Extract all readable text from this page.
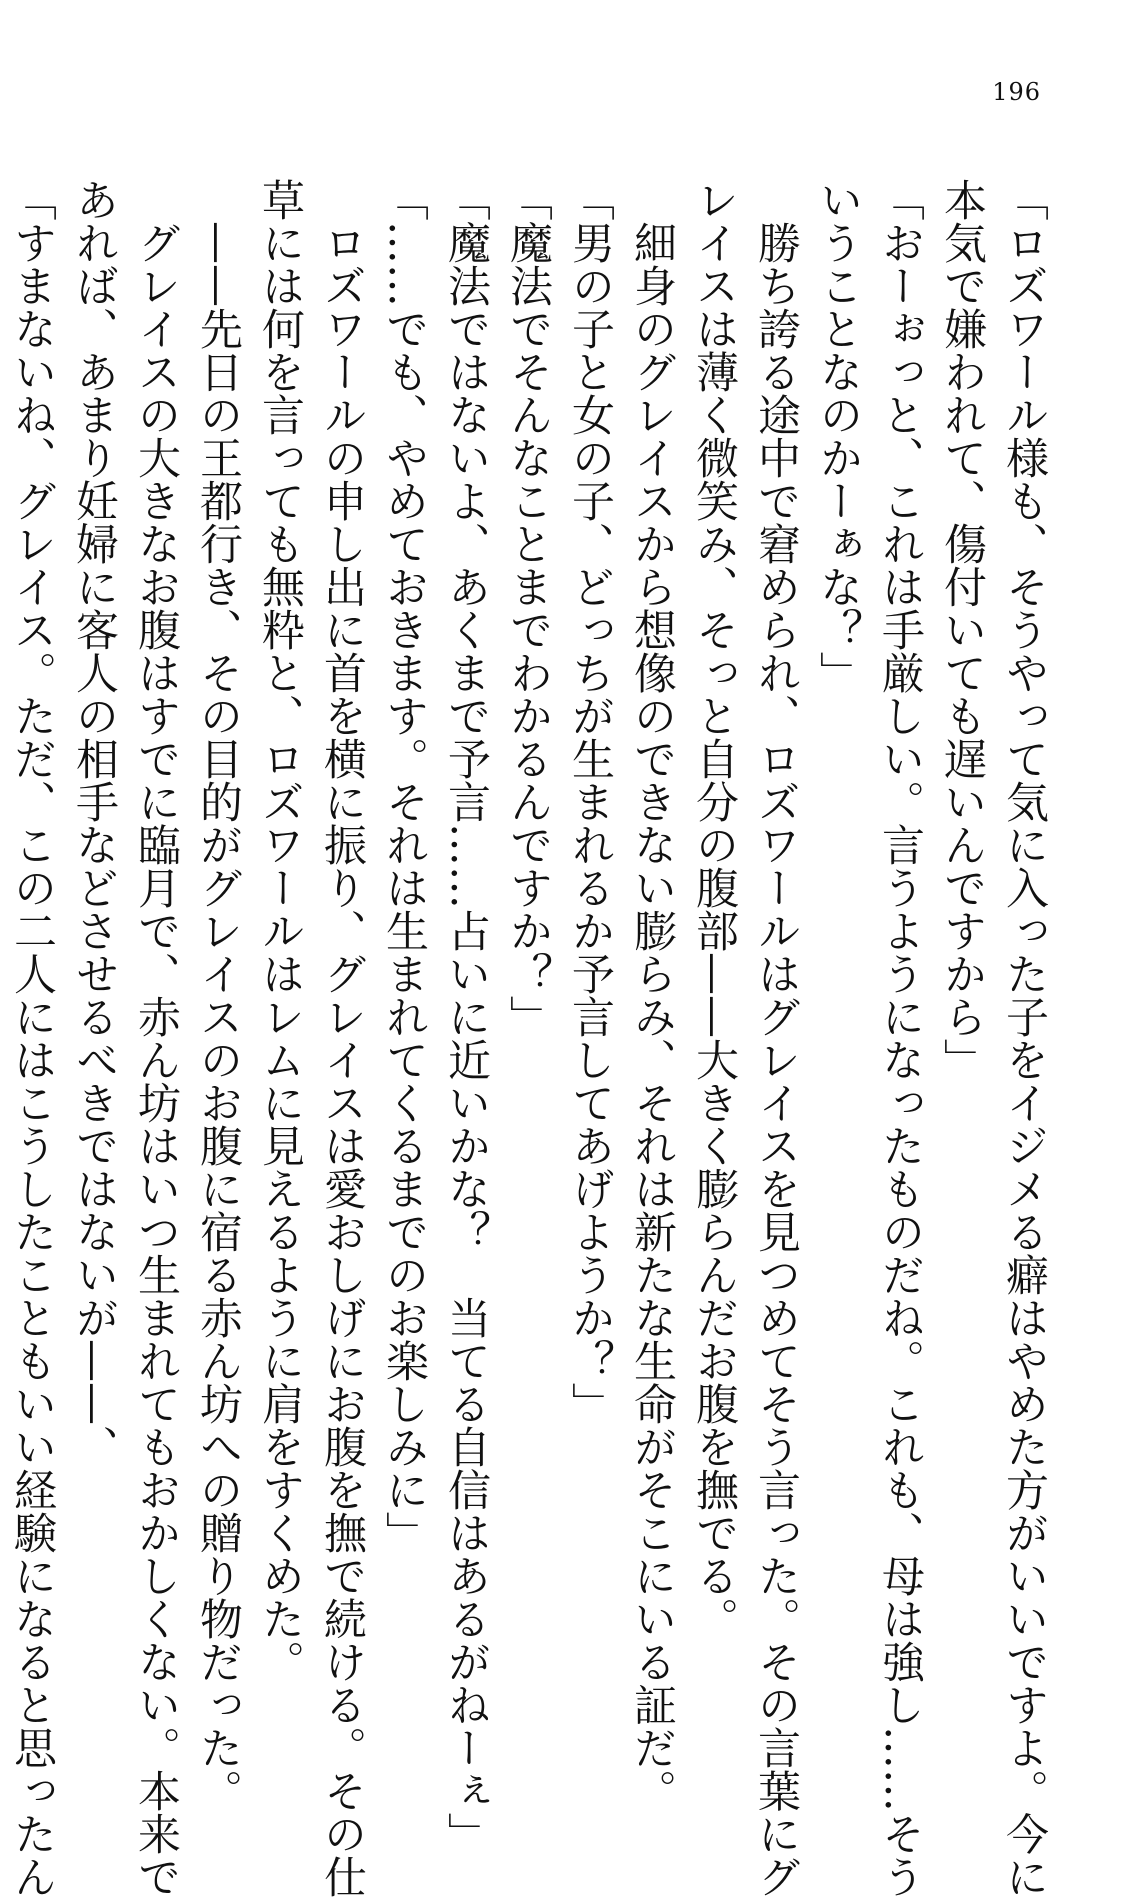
196
「ロズワール様も、そうやって気に入った子をイジメる癖はやめた方がいいですよ。今に
本気で嫌われて、傷付いても遅いんですから」
「おーぉっと、これは手厳しい。言うようになったものだね。これも、母は強し……そう
いうことなのかーぁな？」
　勝ち誇る途中で窘められ、ロズワールはグレイスを見つめてそう言った。その言葉にグ
レイスは薄く微笑み、そっと自分の腹部——大きく膨らんだお腹を撫でる。
　細身のグレイスから想像のできない膨らみ、それは新たな生命がそこにいる証だ。
「男の子と女の子、どっちが生まれるか予言してあげようか？」
「魔法でそんなことまでわかるんですか？」
「魔法ではないよ、あくまで予言……占いに近いかな？　当てる自信はあるがねーぇ」
「……でも、やめておきます。それは生まれてくるまでのお楽しみに」
　ロズワールの申し出に首を横に振り、グレイスは愛おしげにお腹を撫で続ける。その仕
草には何を言っても無粋と、ロズワールはレムに見えるように肩をすくめた。
　——先日の王都行き、その目的がグレイスのお腹に宿る赤ん坊への贈り物だった。
　グレイスの大きなお腹はすでに臨月で、赤ん坊はいつ生まれてもおかしくない。本来で
あれば、あまり妊婦に客人の相手などさせるべきではないが——、
「すまないね、グレイス。ただ、この二人にはこうしたこともいい経験になると思ったん
